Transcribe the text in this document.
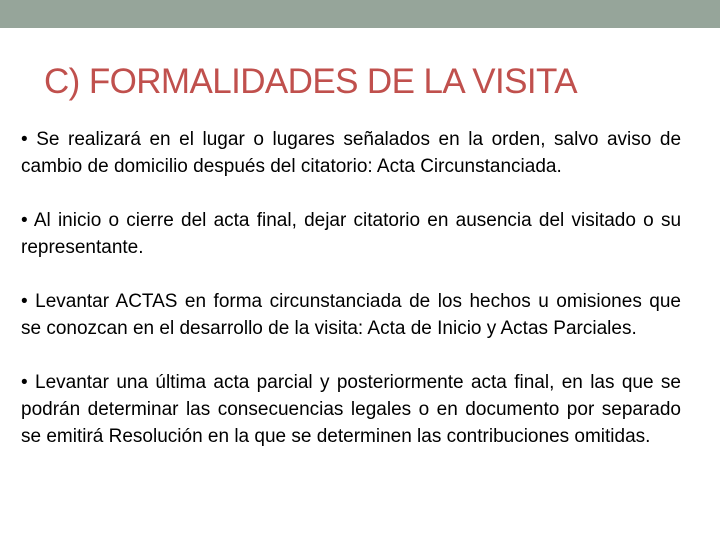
C) FORMALIDADES DE LA VISITA
• Se realizará en el lugar o lugares señalados en la orden, salvo aviso de cambio de domicilio después del citatorio: Acta Circunstanciada.
• Al inicio o cierre del acta final, dejar citatorio en ausencia del visitado o su representante.
• Levantar ACTAS en forma circunstanciada de los hechos u omisiones que se conozcan en el desarrollo de la visita: Acta de Inicio y Actas Parciales.
• Levantar una última acta parcial y posteriormente acta final, en las que se podrán determinar las consecuencias legales o en documento por separado se emitirá Resolución en la que se determinen las contribuciones omitidas.
